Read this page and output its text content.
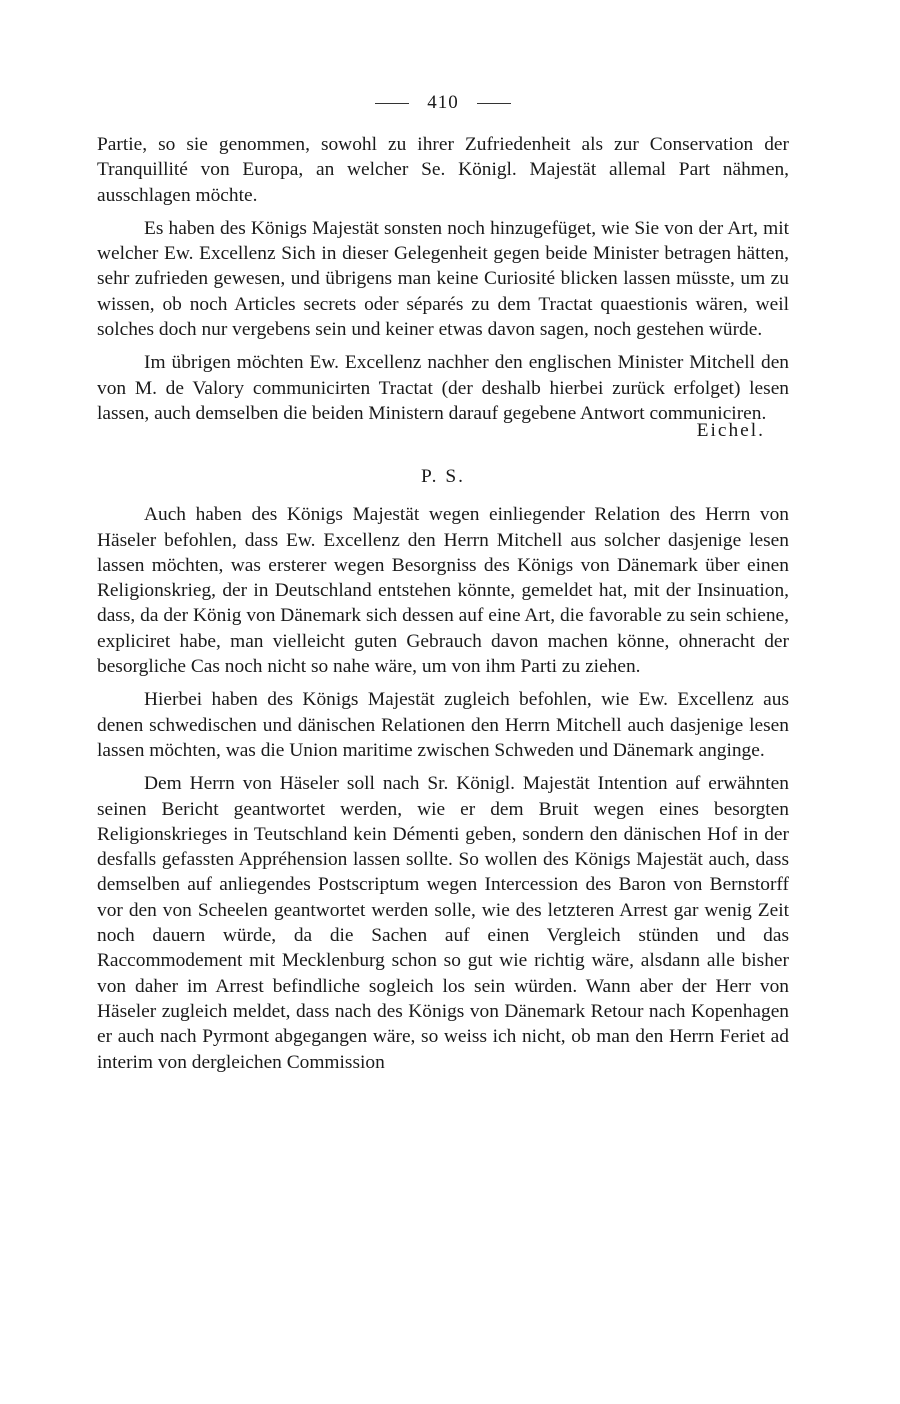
410

Partie, so sie genommen, sowohl zu ihrer Zufriedenheit als zur Conservation der Tranquillité von Europa, an welcher Se. Königl. Majestät allemal Part nähmen, ausschlagen möchte.

Es haben des Königs Majestät sonsten noch hinzugefüget, wie Sie von der Art, mit welcher Ew. Excellenz Sich in dieser Gelegenheit gegen beide Minister betragen hätten, sehr zufrieden gewesen, und übrigens man keine Curiosité blicken lassen müsste, um zu wissen, ob noch Articles secrets oder séparés zu dem Tractat quaestionis wären, weil solches doch nur vergebens sein und keiner etwas davon sagen, noch gestehen würde.

Im übrigen möchten Ew. Excellenz nachher den englischen Minister Mitchell den von M. de Valory communicirten Tractat (der deshalb hierbei zurück erfolget) lesen lassen, auch demselben die beiden Ministern darauf gegebene Antwort communiciren.

Eichel.
P. S.

Auch haben des Königs Majestät wegen einliegender Relation des Herrn von Häseler befohlen, dass Ew. Excellenz den Herrn Mitchell aus solcher dasjenige lesen lassen möchten, was ersterer wegen Besorgniss des Königs von Dänemark über einen Religionskrieg, der in Deutschland entstehen könnte, gemeldet hat, mit der Insinuation, dass, da der König von Dänemark sich dessen auf eine Art, die favorable zu sein schiene, expliciret habe, man vielleicht guten Gebrauch davon machen könne, ohneracht der besorgliche Cas noch nicht so nahe wäre, um von ihm Parti zu ziehen.

Hierbei haben des Königs Majestät zugleich befohlen, wie Ew. Excellenz aus denen schwedischen und dänischen Relationen den Herrn Mitchell auch dasjenige lesen lassen möchten, was die Union maritime zwischen Schweden und Dänemark anginge.

Dem Herrn von Häseler soll nach Sr. Königl. Majestät Intention auf erwähnten seinen Bericht geantwortet werden, wie er dem Bruit wegen eines besorgten Religionskrieges in Teutschland kein Démenti geben, sondern den dänischen Hof in der desfalls gefassten Appréhension lassen sollte. So wollen des Königs Majestät auch, dass demselben auf anliegendes Postscriptum wegen Intercession des Baron von Bernstorff vor den von Scheelen geantwortet werden solle, wie des letzteren Arrest gar wenig Zeit noch dauern würde, da die Sachen auf einen Vergleich stünden und das Raccommodement mit Mecklenburg schon so gut wie richtig wäre, alsdann alle bisher von daher im Arrest befindliche sogleich los sein würden. Wann aber der Herr von Häseler zugleich meldet, dass nach des Königs von Dänemark Retour nach Kopenhagen er auch nach Pyrmont abgegangen wäre, so weiss ich nicht, ob man den Herrn Feriet ad interim von dergleichen Commission
